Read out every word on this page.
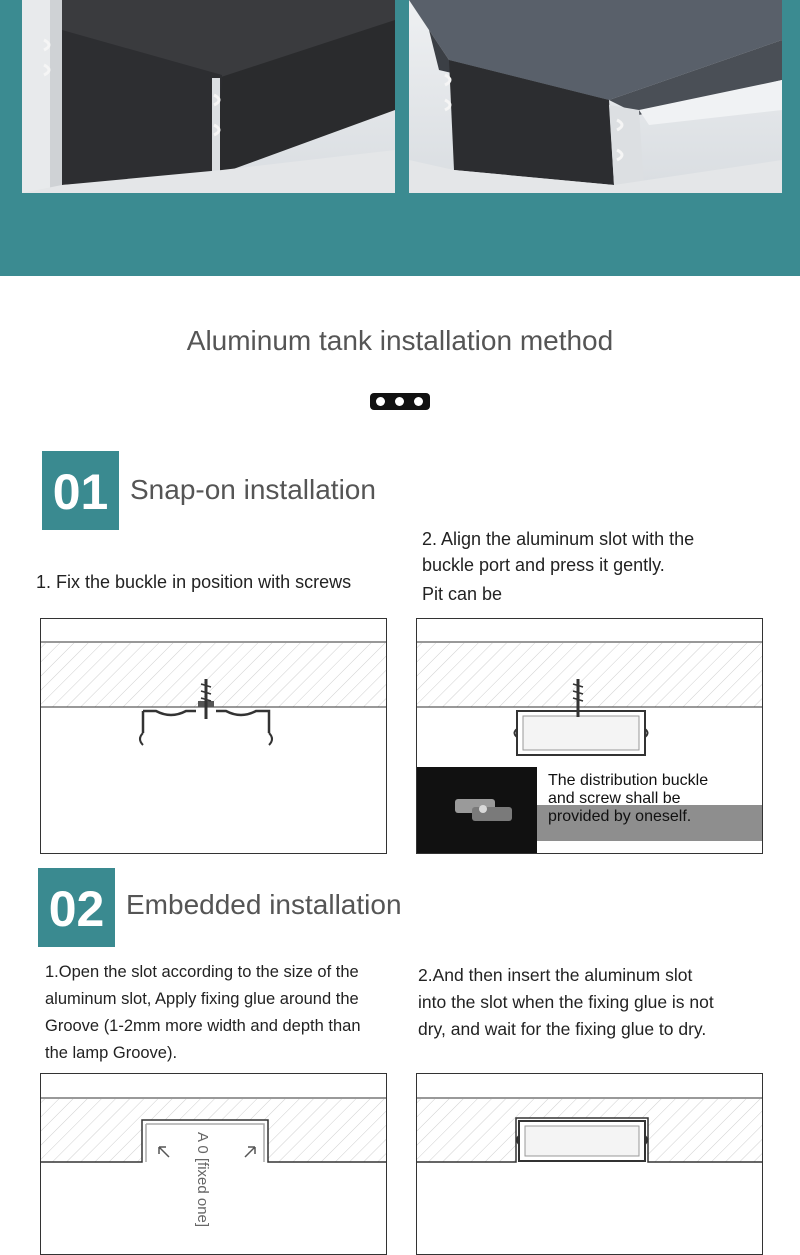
Aluminum tank installation method
01 Snap-on installation
1. Fix the buckle in position with screws
2. Align the aluminum slot with the
buckle port and press it gently.
Pit can be
The distribution buckle
and screw shall be
provided by oneself.
02 Embedded installation
1.Open the slot according to the size of the
aluminum slot, Apply fixing glue around the
Groove (1-2mm more width and depth than
the lamp Groove).
2.And then insert the aluminum slot
into the slot when the fixing glue is not
dry, and wait for the fixing glue to dry.
A 0 [fixed one]
